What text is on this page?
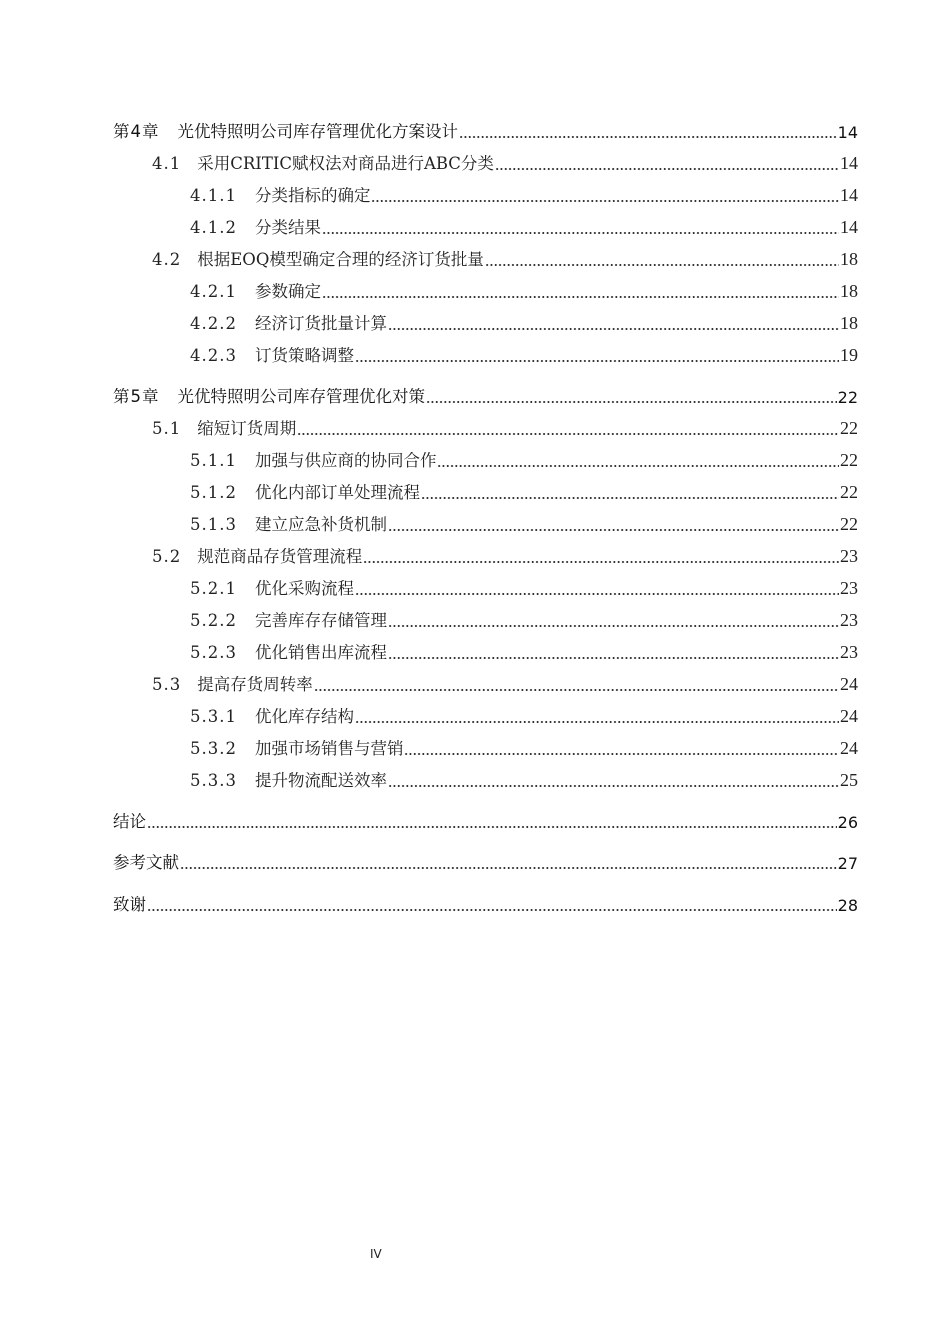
第4章 光优特照明公司库存管理优化方案设计	14
4.1 采用CRITIC赋权法对商品进行ABC分类	14
4.1.1 分类指标的确定	14
4.1.2 分类结果	14
4.2 根据EOQ模型确定合理的经济订货批量	18
4.2.1 参数确定	18
4.2.2 经济订货批量计算	18
4.2.3 订货策略调整	19
第5章 光优特照明公司库存管理优化对策	22
5.1 缩短订货周期	22
5.1.1 加强与供应商的协同合作	22
5.1.2 优化内部订单处理流程	22
5.1.3 建立应急补货机制	22
5.2 规范商品存货管理流程	23
5.2.1 优化采购流程	23
5.2.2 完善库存存储管理	23
5.2.3 优化销售出库流程	23
5.3 提高存货周转率	24
5.3.1 优化库存结构	24
5.3.2 加强市场销售与营销	24
5.3.3 提升物流配送效率	25
结论	26
参考文献	27
致谢	28
IV
